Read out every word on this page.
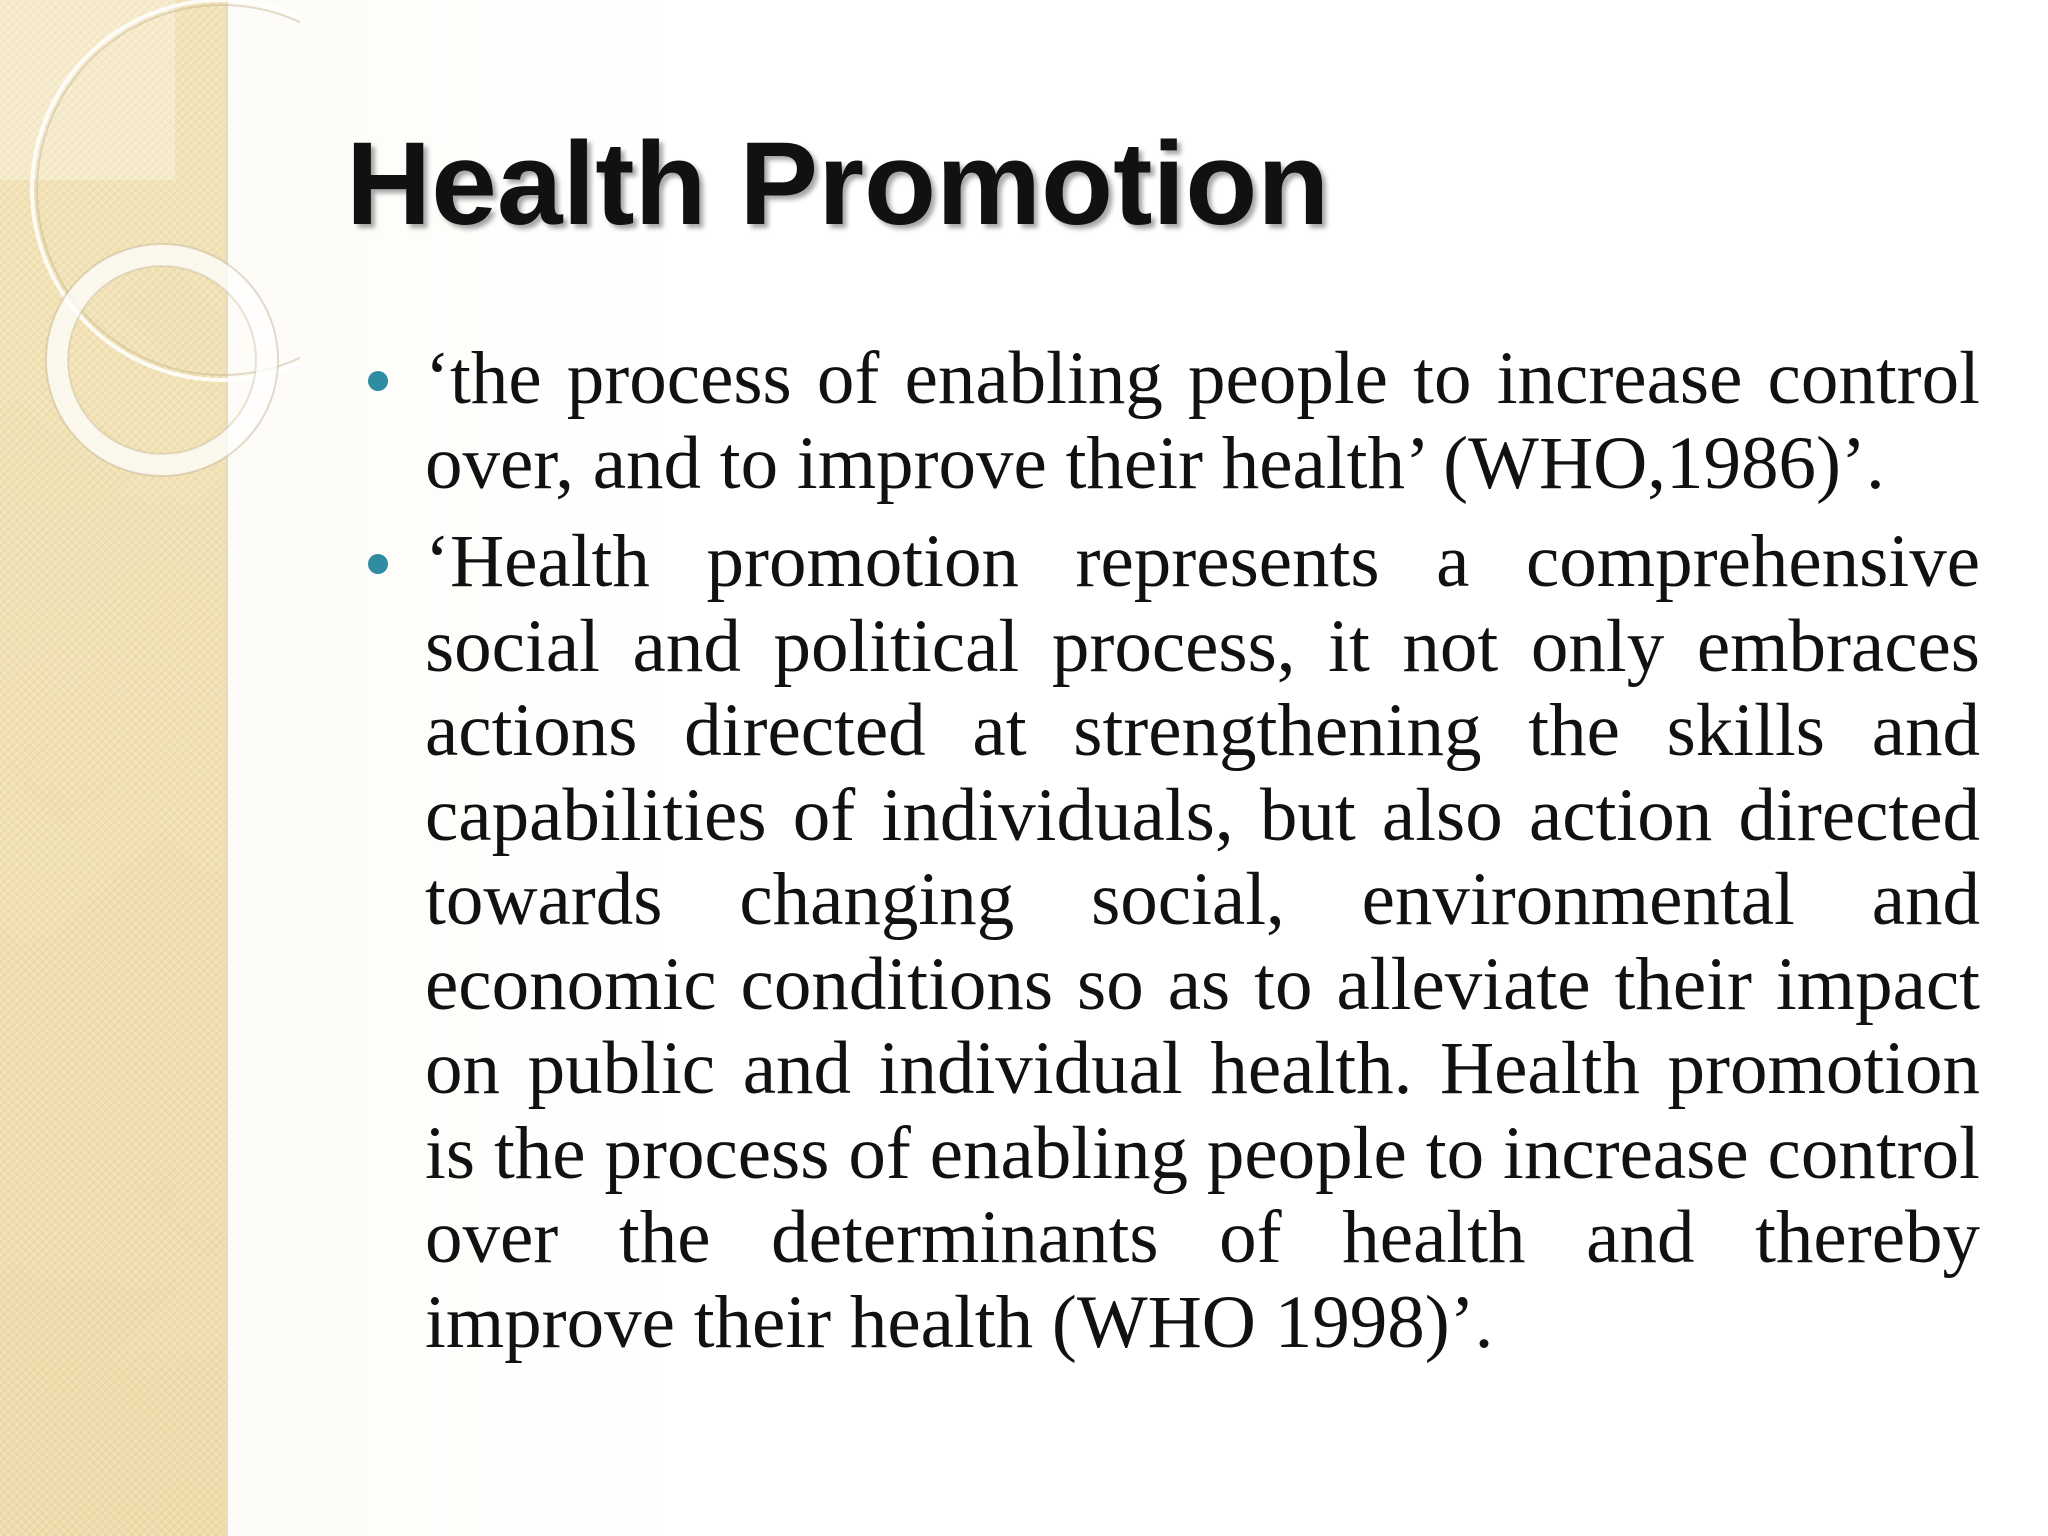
Health Promotion
‘the process of enabling people to increase control over, and to improve their health’ (WHO,1986)’.
‘Health promotion represents a comprehensive social and political process, it not only embraces actions directed at strengthening the skills and capabilities of individuals, but also action directed towards changing social, environmental and economic conditions so as to alleviate their impact on public and individual health. Health promotion is the process of enabling people to increase control over the determinants of health and thereby improve their health (WHO 1998)’.
